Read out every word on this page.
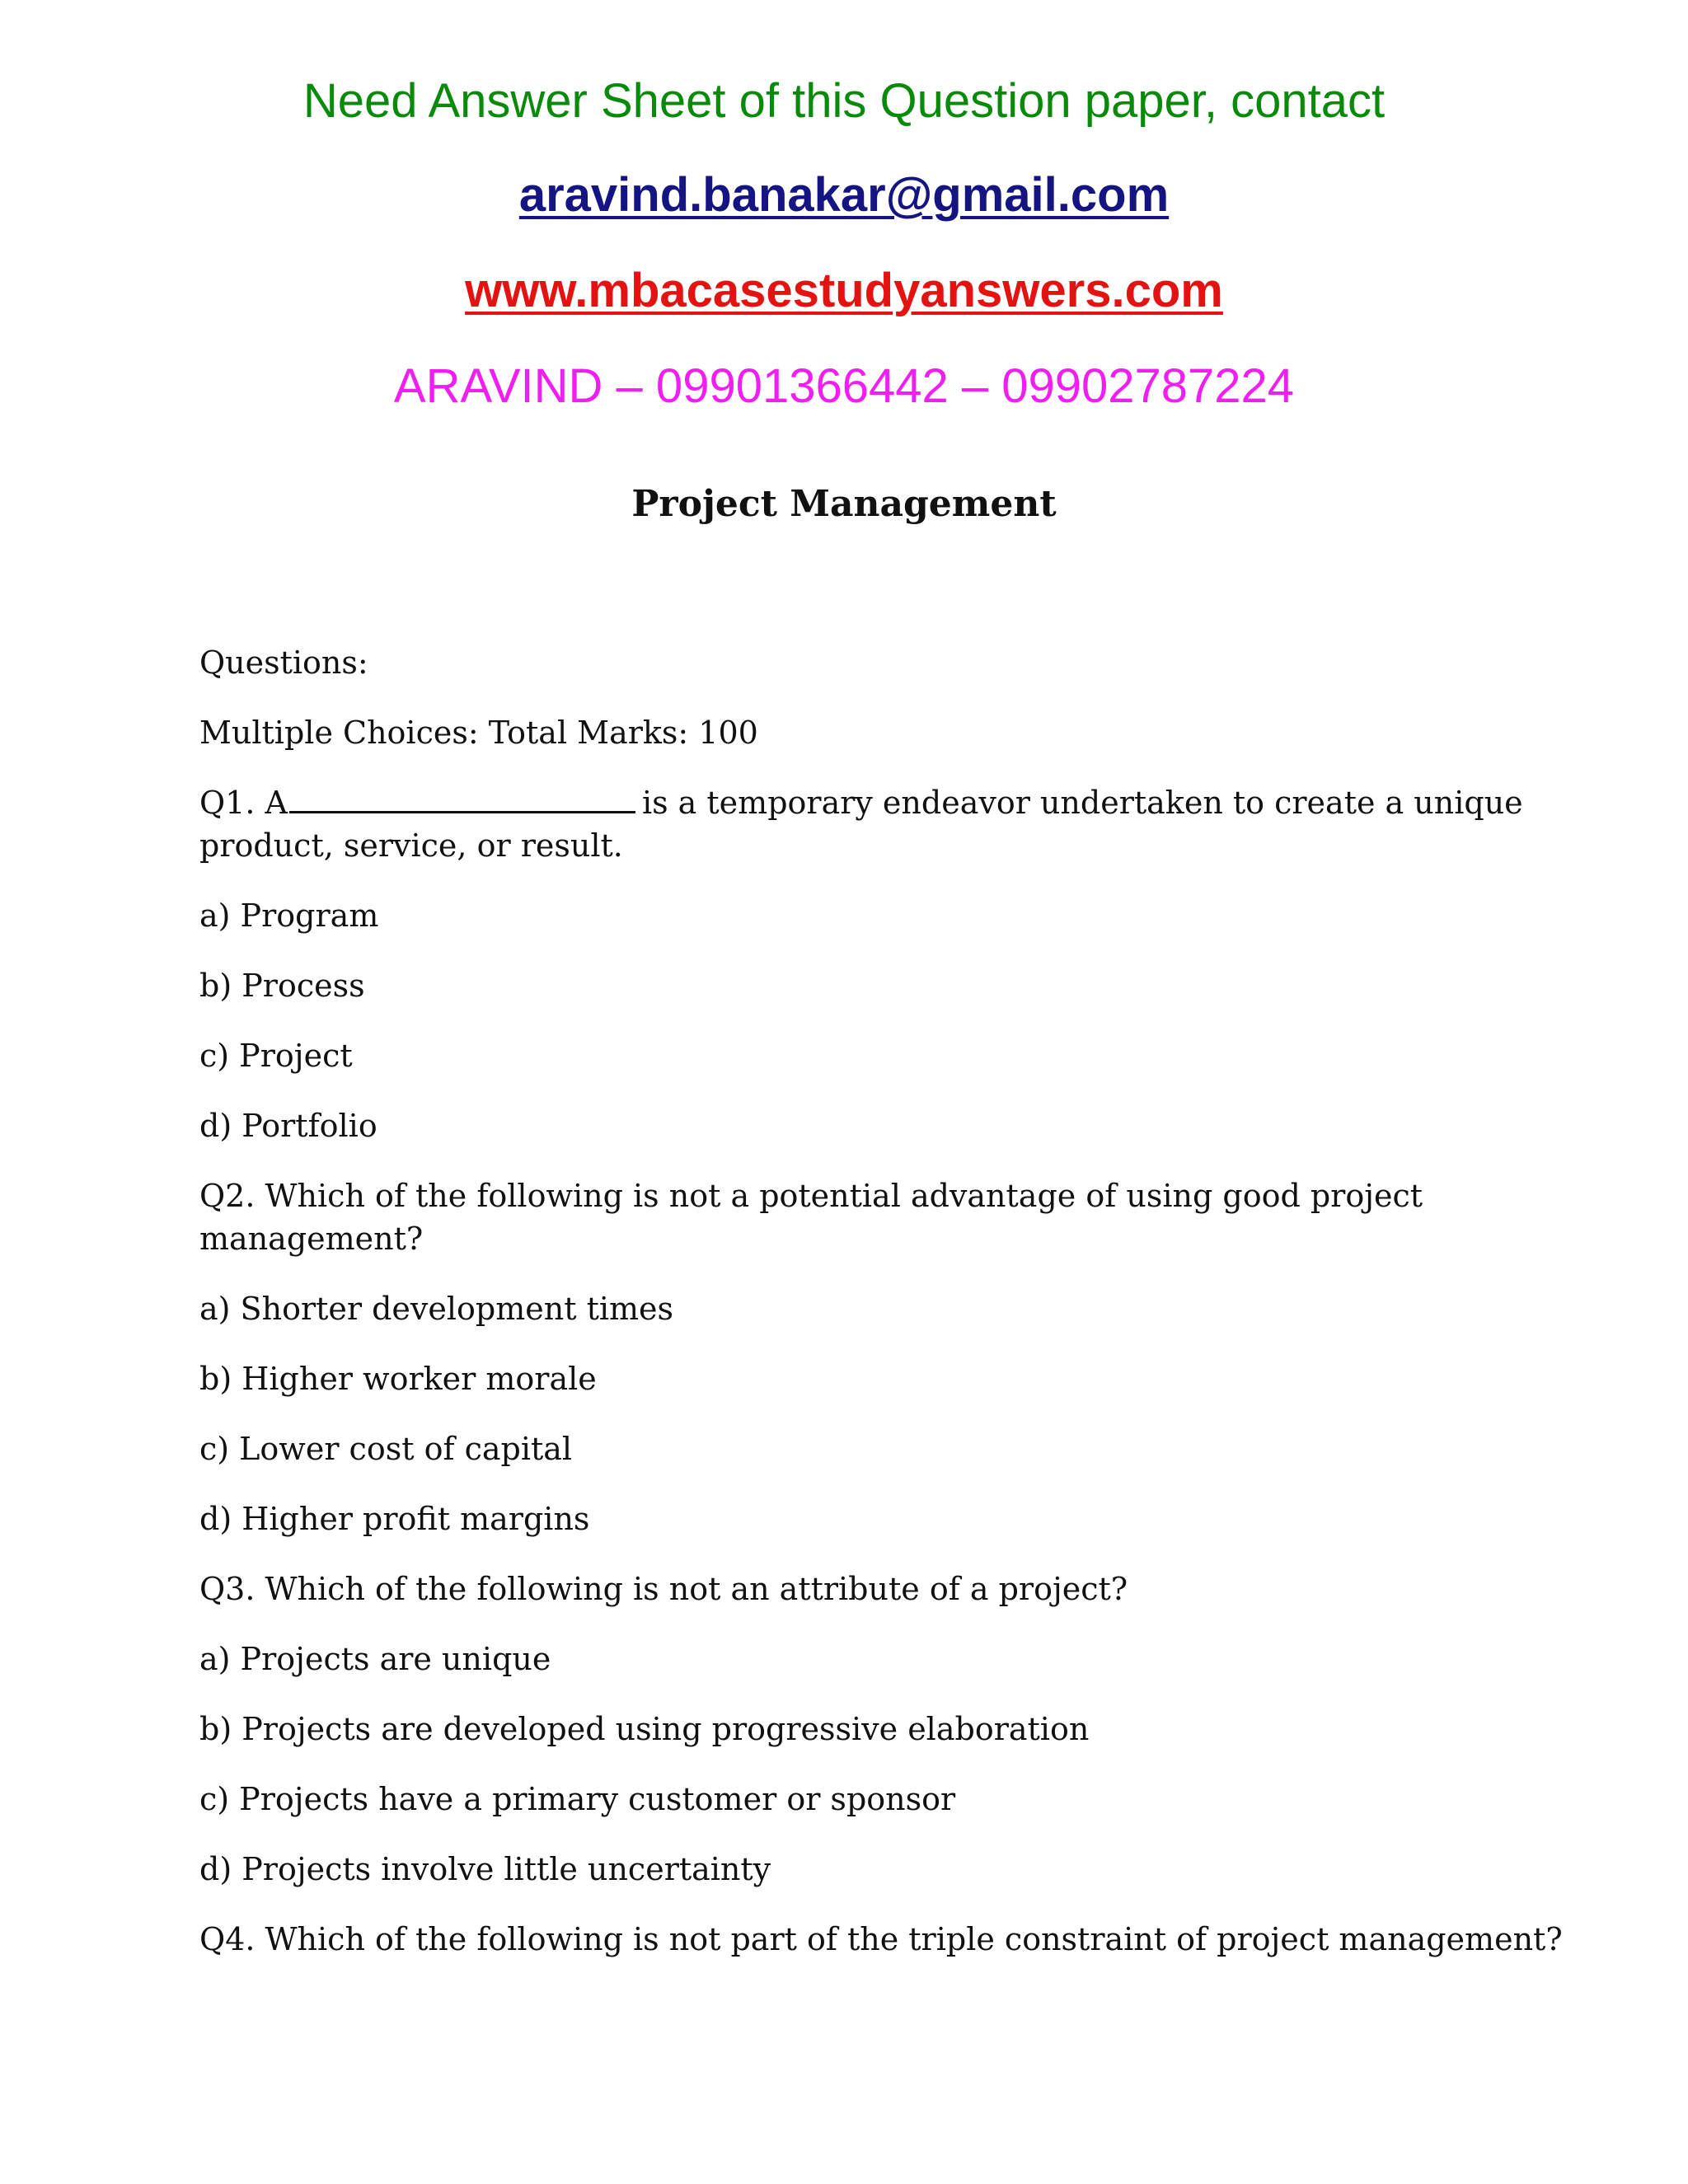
Need Answer Sheet of this Question paper, contact
aravind.banakar@gmail.com
www.mbacasestudyanswers.com
ARAVIND – 09901366442 – 09902787224
Project Management
Questions:
Multiple Choices: Total Marks: 100
Q1. A	is a temporary endeavor undertaken to create a unique
product, service, or result.
a) Program
b) Process
c) Project
d) Portfolio
Q2. Which of the following is not a potential advantage of using good project
management?
a) Shorter development times
b) Higher worker morale
c) Lower cost of capital
d) Higher profit margins
Q3. Which of the following is not an attribute of a project?
a) Projects are unique
b) Projects are developed using progressive elaboration
c) Projects have a primary customer or sponsor
d) Projects involve little uncertainty
Q4. Which of the following is not part of the triple constraint of project management?
